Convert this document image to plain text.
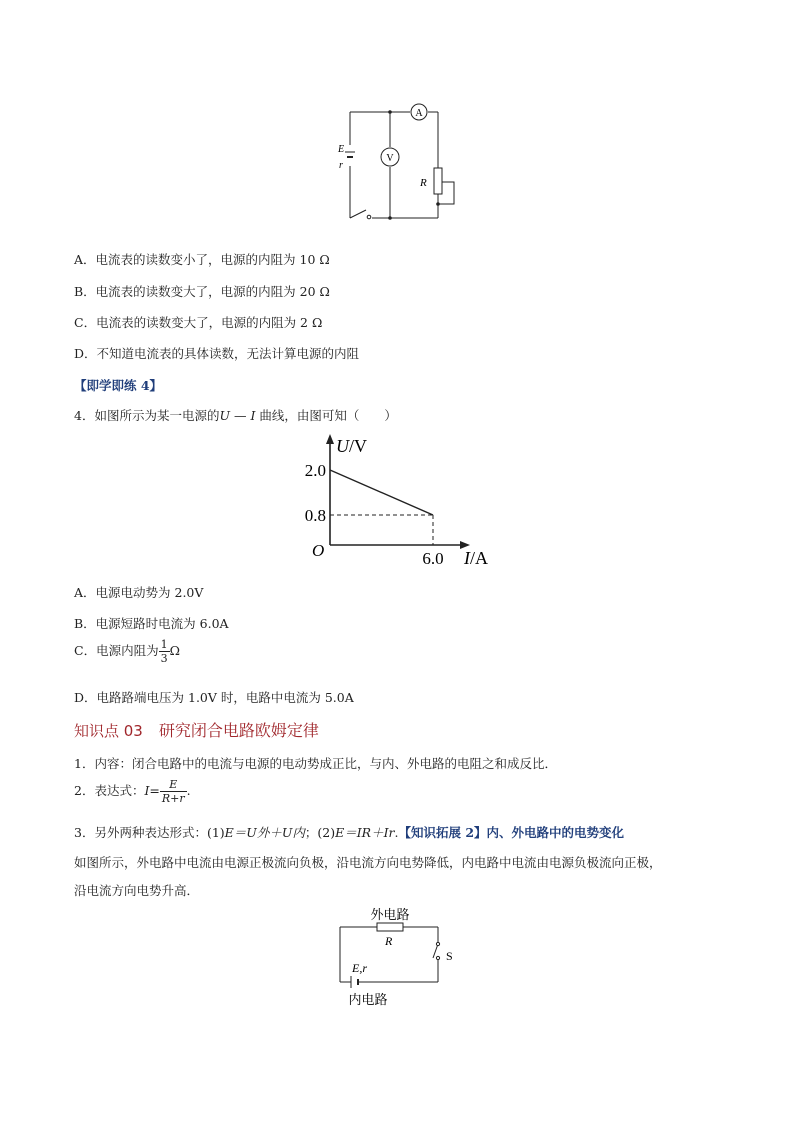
A
V
E
r
R
A．电流表的读数变小了，电源的内阻为 10 Ω
B．电流表的读数变大了，电源的内阻为 20 Ω
C．电流表的读数变大了，电源的内阻为 2 Ω
D．不知道电流表的具体读数，无法计算电源的内阻
【即学即练 4】
4．如图所示为某一电源的U — I 曲线，由图可知（　　）
2.0
0.8
6.0
O
U/V
I/A
A．电源电动势为 2.0V
B．电源短路时电流为 6.0A
C．电源内阻为 $\frac{1}{3}$ Ω
D．电路路端电压为 1.0V 时，电路中电流为 5.0A
知识点 03 研究闭合电路欧姆定律
1．内容：闭合电路中的电流与电源的电动势成正比，与内、外电路的电阻之和成反比．
2．表达式：$I= \frac{E}{R+r}$ .
3．另外两种表达形式：(1)E＝U外＋U内；(2)E＝IR＋Ir.【知识拓展 2】内、外电路中的电势变化
如图所示，外电路中电流由电源正极流向负极，沿电流方向电势降低，内电路中电流由电源负极流向正极，
沿电流方向电势升高．
外电路
R
S
E,r
内电路
